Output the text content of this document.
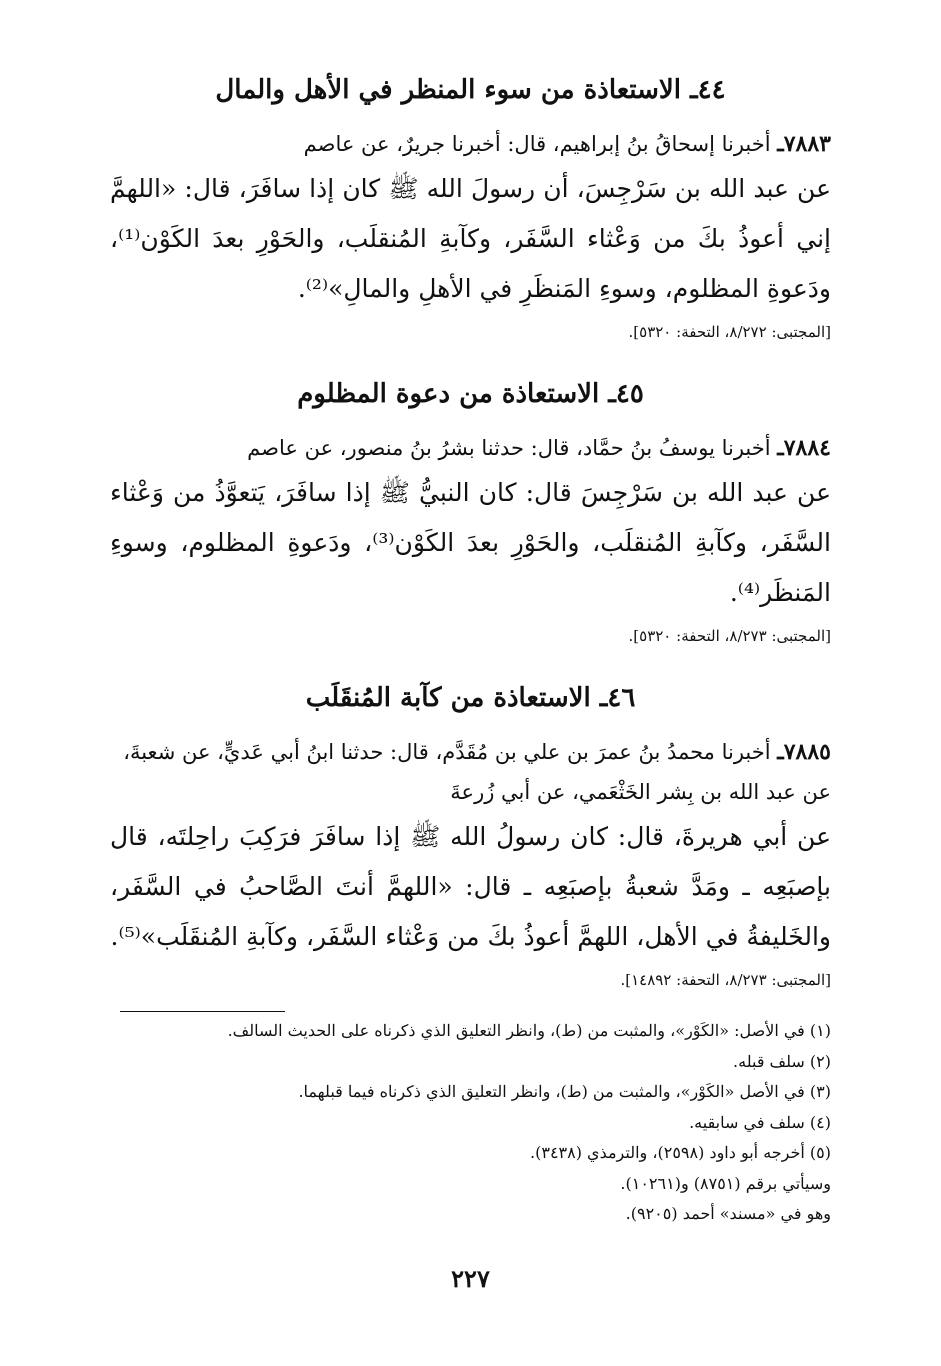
٤٤ـ الاستعاذة من سوء المنظر في الأهل والمال
٧٨٨٣ـ أخبرنا إسحاقُ بنُ إبراهيم، قال: أخبرنا جريرٌ، عن عاصم
عن عبد الله بن سَرْجِسَ، أن رسولَ الله ﷺ كان إذا سافَرَ، قال: «اللهمَّ إني أعوذُ بكَ من وَعْثاء السَّفَر، وكآبةِ المُنقلَب، والحَوْرِ بعدَ الكَوْن⁽¹⁾، ودَعوةِ المظلوم، وسوءِ المَنظَرِ في الأهلِ والمالِ»⁽²⁾.
[المجتبى: ٨/٢٧٢، التحفة: ٥٣٢٠].
٤٥ـ الاستعاذة من دعوة المظلوم
٧٨٨٤ـ أخبرنا يوسفُ بنُ حمَّاد، قال: حدثنا بشرُ بنُ منصور، عن عاصم
عن عبد الله بن سَرْجِسَ قال: كان النبيُّ ﷺ إذا سافَرَ، يَتعوَّذُ من وَعْثاء السَّفَر، وكآبةِ المُنقلَب، والحَوْرِ بعدَ الكَوْن⁽³⁾، ودَعوةِ المظلوم، وسوءِ المَنظَر⁽⁴⁾.
[المجتبى: ٨/٢٧٣، التحفة: ٥٣٢٠].
٤٦ـ الاستعاذة من كآبة المُنقَلَب
٧٨٨٥ـ أخبرنا محمدُ بنُ عمرَ بن علي بن مُقَدَّم، قال: حدثنا ابنُ أبي عَديٍّ، عن شعبةَ، عن عبد الله بن بِشر الخَثْعَمي، عن أبي زُرعةَ
عن أبي هريرةَ، قال: كان رسولُ الله ﷺ إذا سافَرَ فرَكِبَ راحِلتَه، قال بإصبَعِه ـ ومَدَّ شعبةُ بإصبَعِه ـ قال: «اللهمَّ أنتَ الصَّاحبُ في السَّفَر، والخَليفةُ في الأهل، اللهمَّ أعوذُ بكَ من وَعْثاء السَّفَر، وكآبةِ المُنقَلَب»⁽⁵⁾.
[المجتبى: ٨/٢٧٣، التحفة: ١٤٨٩٢].
(١) في الأصل: «الكَوْر»، والمثبت من (ط)، وانظر التعليق الذي ذكرناه على الحديث السالف.
(٢) سلف قبله.
(٣) في الأصل «الكَوْر»، والمثبت من (ط)، وانظر التعليق الذي ذكرناه فيما قبلهما.
(٤) سلف في سابقيه.
(٥) أخرجه أبو داود (٢٥٩٨)، والترمذي (٣٤٣٨).
وسيأتي برقم (٨٧٥١) و(١٠٢٦١).
وهو في «مسند» أحمد (٩٢٠٥).
٢٢٧
